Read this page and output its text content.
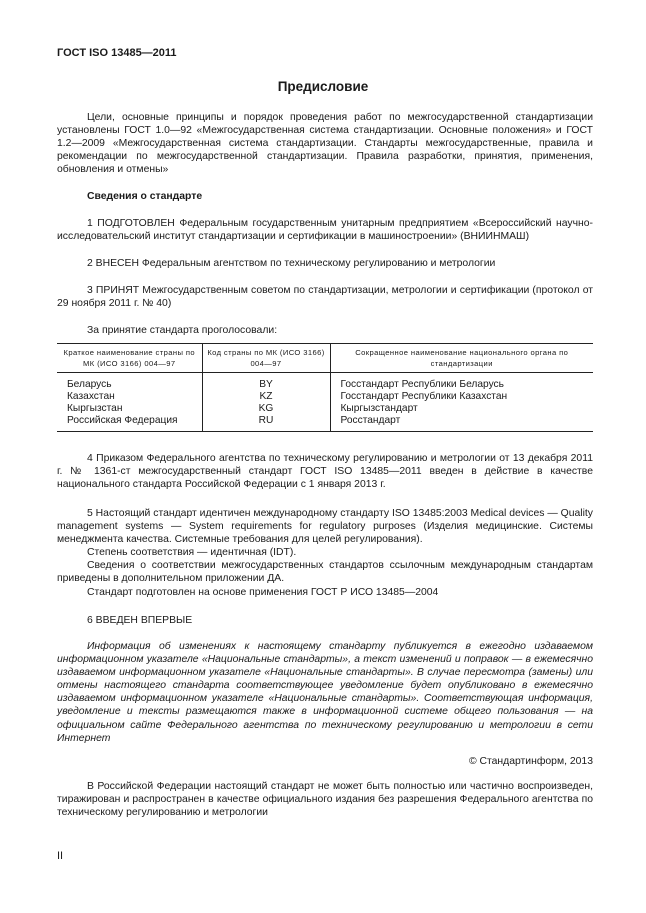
ГОСТ ISO 13485—2011
Предисловие

Цели, основные принципы и порядок проведения работ по межгосударственной стандартизации установлены ГОСТ 1.0—92 «Межгосударственная система стандартизации. Основные положения» и ГОСТ 1.2—2009 «Межгосударственная система стандартизации. Стандарты межгосударственные, правила и рекомендации по межгосударственной стандартизации. Правила разработки, принятия, применения, обновления и отмены»

Сведения о стандарте

1 ПОДГОТОВЛЕН Федеральным государственным унитарным предприятием «Всероссийский научно-исследовательский институт стандартизации и сертификации в машиностроении» (ВНИИНМАШ)

2 ВНЕСЕН Федеральным агентством по техническому регулированию и метрологии

3 ПРИНЯТ Межгосударственным советом по стандартизации, метрологии и сертификации (протокол от 29 ноября 2011 г. № 40)

За принятие стандарта проголосовали:

Краткое наименование страны по МК (ИСО 3166) 004—97	Код страны по МК (ИСО 3166) 004—97	Сокращенное наименование национального органа по стандартизации
Беларусь	BY	Госстандарт Республики Беларусь
Казахстан	KZ	Госстандарт Республики Казахстан
Кыргызстан	KG	Кыргызстандарт
Российская Федерация	RU	Росстандарт

4 Приказом Федерального агентства по техническому регулированию и метрологии от 13 декабря 2011 г. № 1361-ст межгосударственный стандарт ГОСТ ISO 13485—2011 введен в действие в качестве национального стандарта Российской Федерации с 1 января 2013 г.

5 Настоящий стандарт идентичен международному стандарту ISO 13485:2003 Medical devices — Quality management systems — System requirements for regulatory purposes (Изделия медицинские. Системы менеджмента качества. Системные требования для целей регулирования).

Степень соответствия — идентичная (IDT).

Сведения о соответствии межгосударственных стандартов ссылочным международным стандартам приведены в дополнительном приложении ДА.

Стандарт подготовлен на основе применения ГОСТ Р ИСО 13485—2004

6 ВВЕДЕН ВПЕРВЫЕ

Информация об изменениях к настоящему стандарту публикуется в ежегодно издаваемом информационном указателе «Национальные стандарты», а текст изменений и поправок — в ежемесячно издаваемом информационном указателе «Национальные стандарты». В случае пересмотра (замены) или отмены настоящего стандарта соответствующее уведомление будет опубликовано в ежемесячно издаваемом информационном указателе «Национальные стандарты». Соответствующая информация, уведомление и тексты размещаются также в информационной системе общего пользования — на официальном сайте Федерального агентства по техническому регулированию и метрологии в сети Интернет

© Стандартинформ, 2013

В Российской Федерации настоящий стандарт не может быть полностью или частично воспроизведен, тиражирован и распространен в качестве официального издания без разрешения Федерального агентства по техническому регулированию и метрологии

II
